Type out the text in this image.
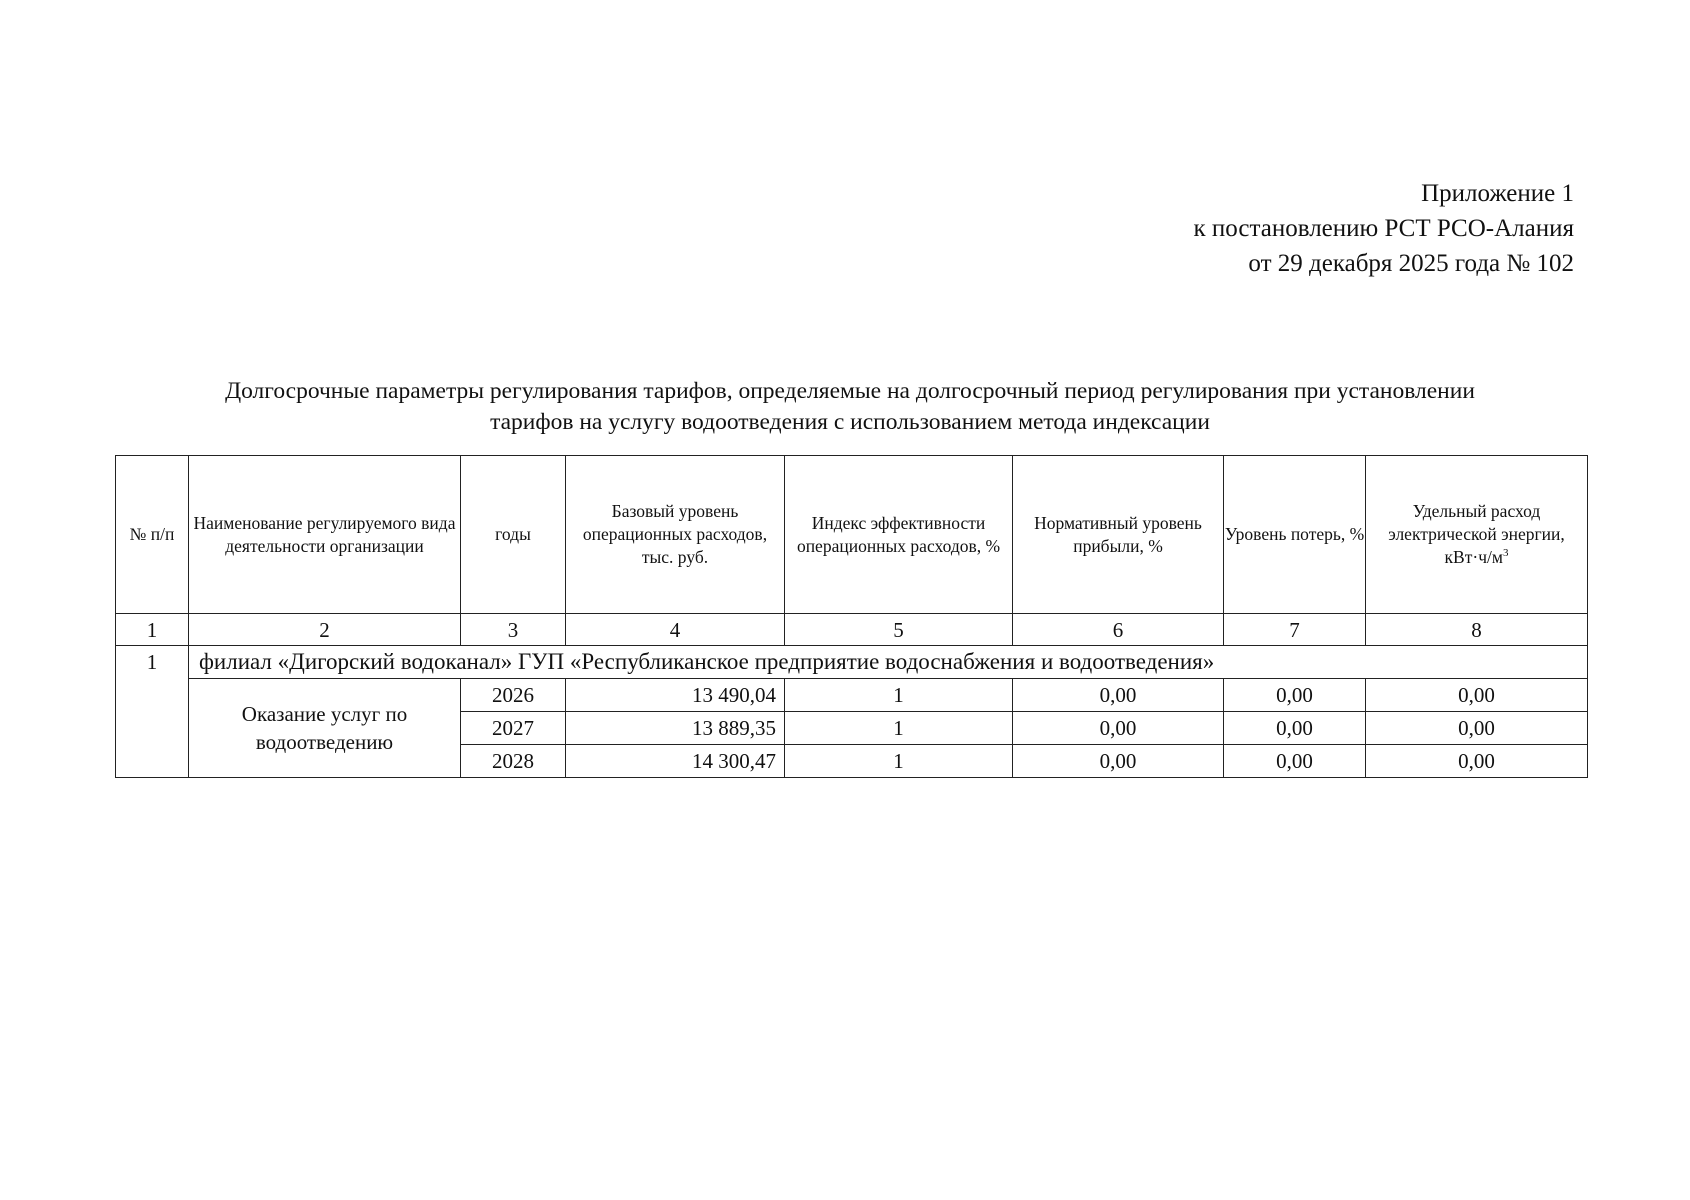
Приложение 1
к постановлению РСТ РСО-Алания
от 29 декабря 2025 года № 102
Долгосрочные параметры регулирования тарифов, определяемые на долгосрочный период регулирования при установлении
тарифов на услугу водоотведения с использованием метода индексации
№ п/п	Наименование регулируемого вида деятельности организации	годы	Базовый уровень операционных расходов, тыс. руб.	Индекс эффективности операционных расходов, %	Нормативный уровень прибыли, %	Уровень потерь, %	Удельный расход электрической энергии, $кВт\cdot ч/м^3$
1	2	3	4	5	6	7	8
1	филиал «Дигорский водоканал» ГУП «Республиканское предприятие водоснабжения и водоотведения»						
	Оказание услуг по водоотведению	2026	13 490,04	1	0,00	0,00	0,00
		2027	13 889,35	1	0,00	0,00	0,00
		2028	14 300,47	1	0,00	0,00	0,00
